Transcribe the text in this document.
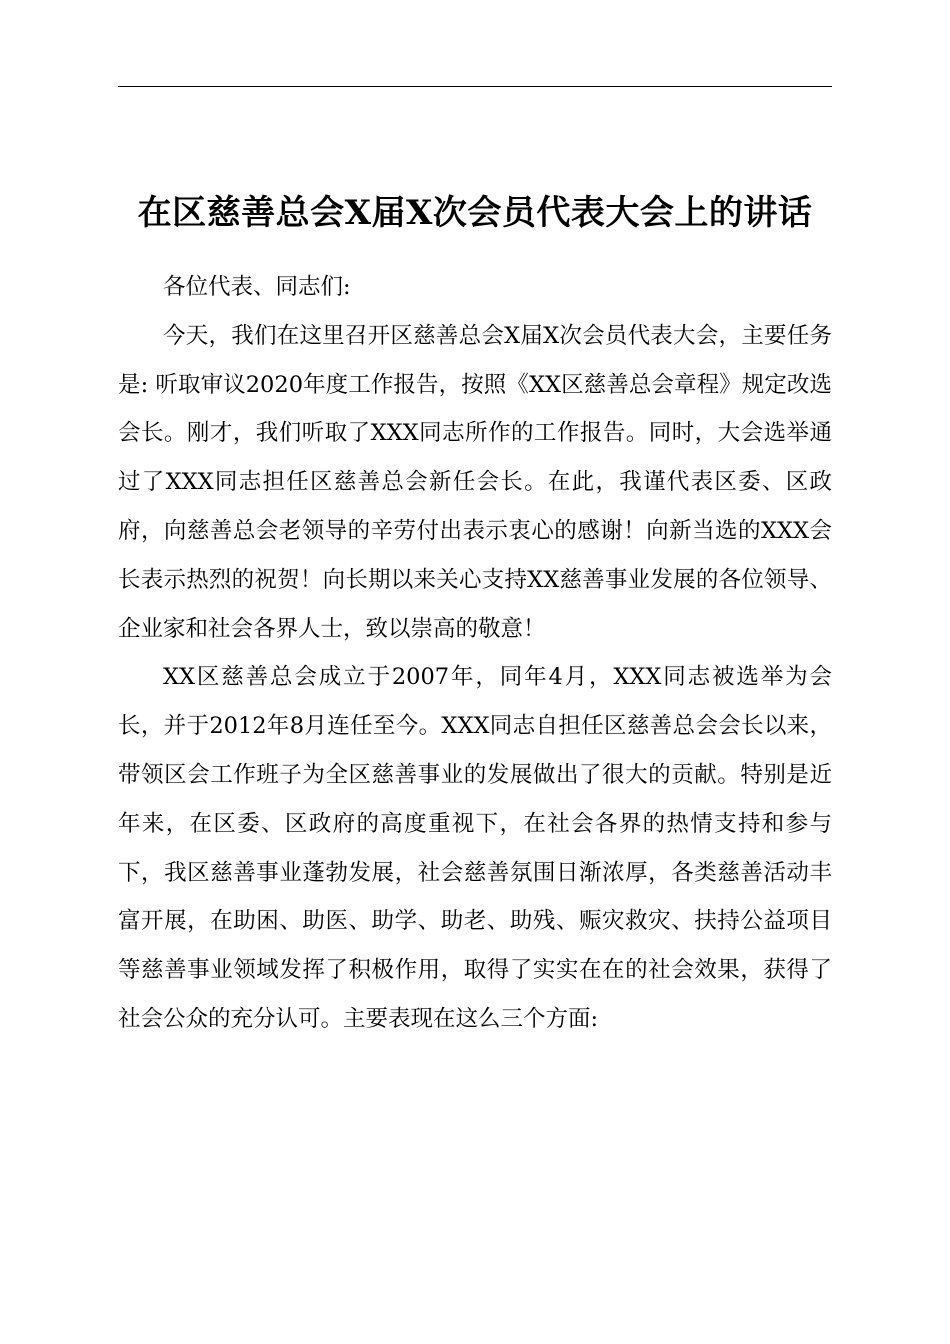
在区慈善总会X届X次会员代表大会上的讲话

各位代表、同志们:

今天，我们在这里召开区慈善总会X届X次会员代表大会，主要任务是: 听取审议2020年度工作报告，按照《XX区慈善总会章程》规定改选会长。刚才，我们听取了XXX同志所作的工作报告。同时，大会选举通过了XXX同志担任区慈善总会新任会长。在此，我谨代表区委、区政府，向慈善总会老领导的辛劳付出表示衷心的感谢！向新当选的XXX会长表示热烈的祝贺！向长期以来关心支持XX慈善事业发展的各位领导、企业家和社会各界人士，致以崇高的敬意！

XX区慈善总会成立于2007年，同年4月，XXX同志被选举为会长，并于2012年8月连任至今。XXX同志自担任区慈善总会会长以来，带领区会工作班子为全区慈善事业的发展做出了很大的贡献。特别是近年来，在区委、区政府的高度重视下，在社会各界的热情支持和参与下，我区慈善事业蓬勃发展，社会慈善氛围日渐浓厚，各类慈善活动丰富开展，在助困、助医、助学、助老、助残、赈灾救灾、扶持公益项目等慈善事业领域发挥了积极作用，取得了实实在在的社会效果，获得了社会公众的充分认可。主要表现在这么三个方面:
